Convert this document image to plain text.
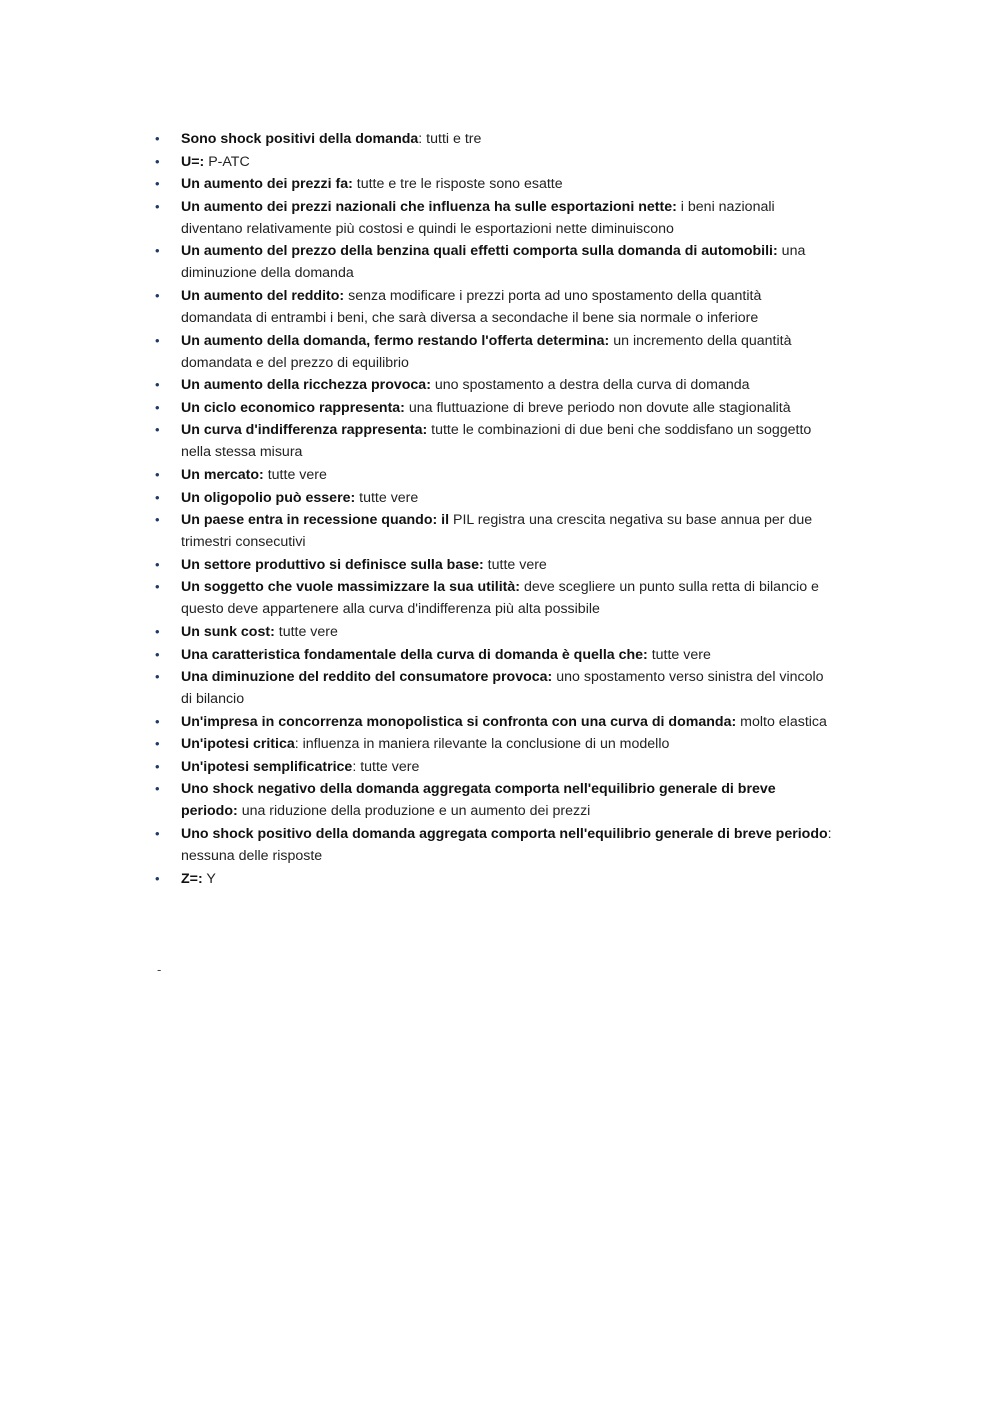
•	Sono shock positivi della domanda: tutti e tre
•	U=: P-ATC
•	Un aumento dei prezzi fa: tutte e tre le risposte sono esatte
•	Un aumento dei prezzi nazionali che influenza ha sulle esportazioni nette: i beni nazionali diventano relativamente più costosi e quindi le esportazioni nette diminuiscono
•	Un aumento del prezzo della benzina quali effetti comporta sulla domanda di automobili: una diminuzione della domanda
•	Un aumento del reddito: senza modificare i prezzi porta ad uno spostamento della quantità domandata di entrambi i beni, che sarà diversa a secondache il bene sia normale o inferiore
•	Un aumento della domanda, fermo restando l'offerta determina: un incremento della quantità domandata e del prezzo di equilibrio
•	Un aumento della ricchezza provoca: uno spostamento a destra della curva di domanda
•	Un ciclo economico rappresenta: una fluttuazione di breve periodo non dovute alle stagionalità
•	Un curva d'indifferenza rappresenta: tutte le combinazioni di due beni che soddisfano un soggetto nella stessa misura
•	Un mercato: tutte vere
•	Un oligopolio può essere: tutte vere
•	Un paese entra in recessione quando: il PIL registra una crescita negativa su base annua per due trimestri consecutivi
•	Un settore produttivo si definisce sulla base: tutte vere
•	Un soggetto che vuole massimizzare la sua utilità: deve scegliere un punto sulla retta di bilancio e questo deve appartenere alla curva d'indifferenza più alta possibile
•	Un sunk cost: tutte vere
•	Una caratteristica fondamentale della curva di domanda è quella che: tutte vere
•	Una diminuzione del reddito del consumatore provoca: uno spostamento verso sinistra del vincolo di bilancio
•	Un'impresa in concorrenza monopolistica si confronta con una curva di domanda: molto elastica
•	Un'ipotesi critica: influenza in maniera rilevante la conclusione di un modello
•	Un'ipotesi semplificatrice: tutte vere
•	Uno shock negativo della domanda aggregata comporta nell'equilibrio generale di breve periodo: una riduzione della produzione e un aumento dei prezzi
•	Uno shock positivo della domanda aggregata comporta nell'equilibrio generale di breve periodo: nessuna delle risposte
•	Z=: Y
-
